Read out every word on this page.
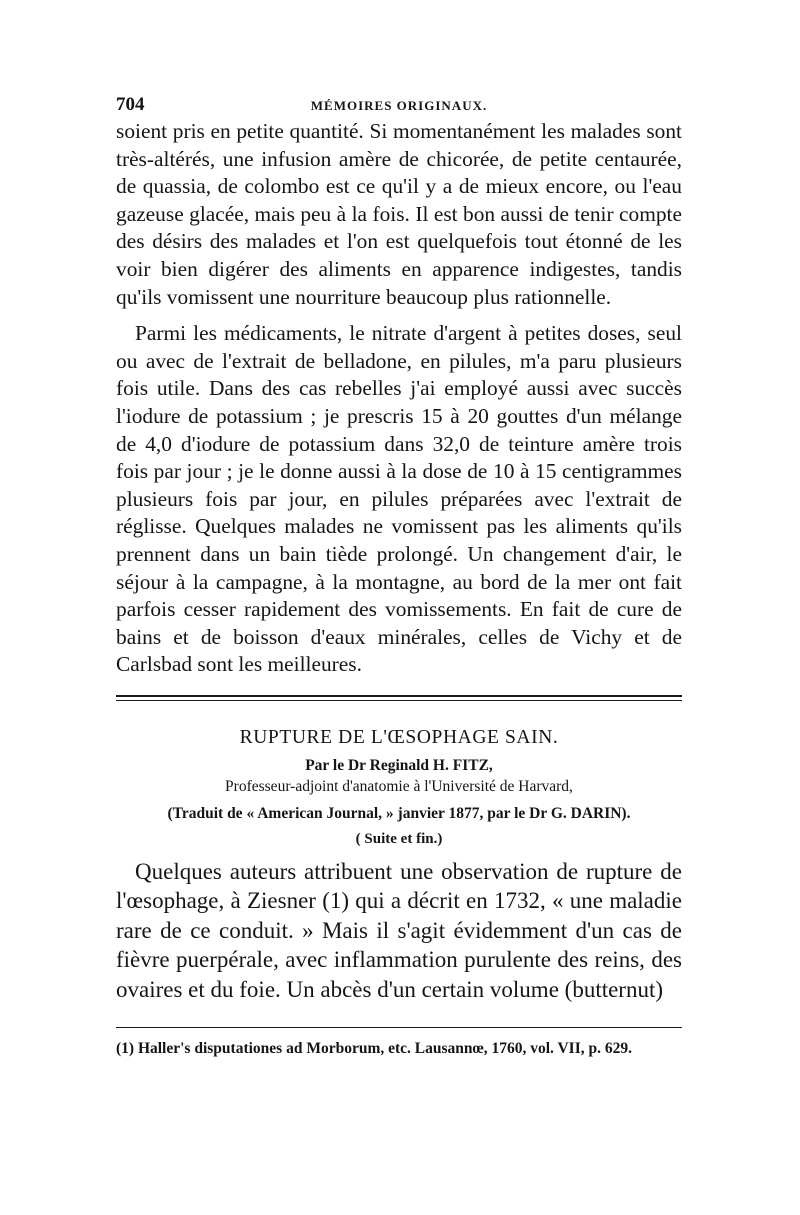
704	MÉMOIRES ORIGINAUX.

soient pris en petite quantité. Si momentanément les malades sont très-altérés, une infusion amère de chicorée, de petite centaurée, de quassia, de colombo est ce qu'il y a de mieux encore, ou l'eau gazeuse glacée, mais peu à la fois. Il est bon aussi de tenir compte des désirs des malades et l'on est quelquefois tout étonné de les voir bien digérer des aliments en apparence indigestes, tandis qu'ils vomissent une nourriture beaucoup plus rationnelle.

Parmi les médicaments, le nitrate d'argent à petites doses, seul ou avec de l'extrait de belladone, en pilules, m'a paru plusieurs fois utile. Dans des cas rebelles j'ai employé aussi avec succès l'iodure de potassium ; je prescris 15 à 20 gouttes d'un mélange de 4,0 d'iodure de potassium dans 32,0 de teinture amère trois fois par jour ; je le donne aussi à la dose de 10 à 15 centigrammes plusieurs fois par jour, en pilules préparées avec l'extrait de réglisse. Quelques malades ne vomissent pas les aliments qu'ils prennent dans un bain tiède prolongé. Un changement d'air, le séjour à la campagne, à la montagne, au bord de la mer ont fait parfois cesser rapidement des vomissements. En fait de cure de bains et de boisson d'eaux minérales, celles de Vichy et de Carlsbad sont les meilleures.

RUPTURE DE L'ŒSOPHAGE SAIN.
Par le Dr Reginald H. FITZ,
Professeur-adjoint d'anatomie à l'Université de Harvard,
(Traduit de « American Journal, » janvier 1877, par le Dr G. DARIN).
( Suite et fin.)

Quelques auteurs attribuent une observation de rupture de l'œsophage, à Ziesner (1) qui a décrit en 1732, « une maladie rare de ce conduit. » Mais il s'agit évidemment d'un cas de fièvre puerpérale, avec inflammation purulente des reins, des ovaires et du foie. Un abcès d'un certain volume (butternut)

(1) Haller's disputationes ad Morborum, etc. Lausannœ, 1760, vol. VII, p. 629.
